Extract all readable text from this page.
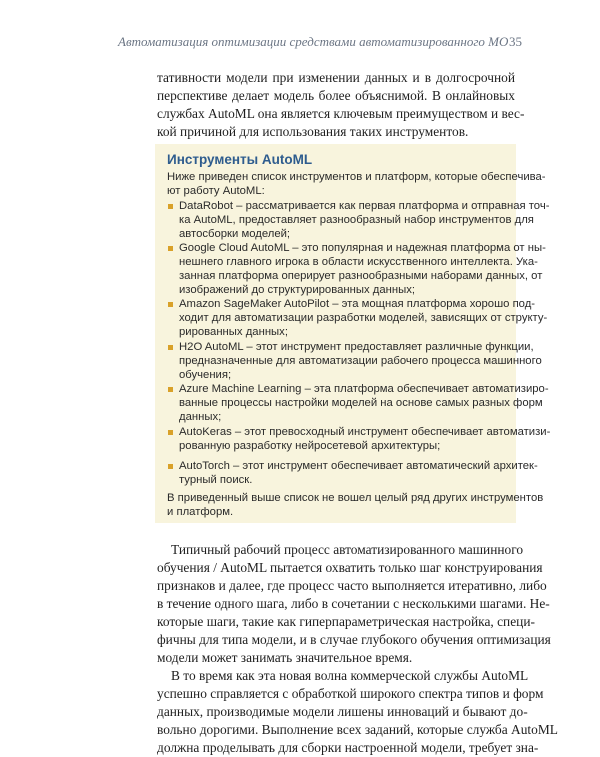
Автоматизация оптимизации средствами автоматизированного МО 35

тативности модели при изменении данных и в долгосрочной

перспективе делает модель более объяснимой. В онлайновых

службах AutoML она является ключевым преимуществом и вес-

кой причиной для использования таких инструментов.

Инструменты AutoML

Ниже приведен список инструментов и платформ, которые обеспечива-

ют работу AutoML:

DataRobot – рассматривается как первая платформа и отправная точ-

ка AutoML, предоставляет разнообразный набор инструментов для

автосборки моделей;

Google Cloud AutoML – это популярная и надежная платформа от ны-

нешнего главного игрока в области искусственного интеллекта. Ука-

занная платформа оперирует разнообразными наборами данных, от

изображений до структурированных данных;

Amazon SageMaker AutoPilot – эта мощная платформа хорошо под-

ходит для автоматизации разработки моделей, зависящих от структу-

рированных данных;

H2O AutoML – этот инструмент предоставляет различные функции,

предназначенные для автоматизации рабочего процесса машинного

обучения;

Azure Machine Learning – эта платформа обеспечивает автоматизиро-

ванные процессы настройки моделей на основе самых разных форм

данных;

AutoKeras – этот превосходный инструмент обеспечивает автоматизи-

рованную разработку нейросетевой архитектуры;

AutoTorch – этот инструмент обеспечивает автоматический архитек-

турный поиск.

В приведенный выше список не вошел целый ряд других инструментов

и платформ.

Типичный рабочий процесс автоматизированного машинного

обучения / AutoML пытается охватить только шаг конструирования

признаков и далее, где процесс часто выполняется итеративно, либо

в течение одного шага, либо в сочетании с несколькими шагами. Не-

которые шаги, такие как гиперпараметрическая настройка, специ-

фичны для типа модели, и в случае глубокого обучения оптимизация

модели может занимать значительное время.

В то время как эта новая волна коммерческой службы AutoML

успешно справляется с обработкой широкого спектра типов и форм

данных, производимые модели лишены инноваций и бывают до-

вольно дорогими. Выполнение всех заданий, которые служба AutoML

должна проделывать для сборки настроенной модели, требует зна-
